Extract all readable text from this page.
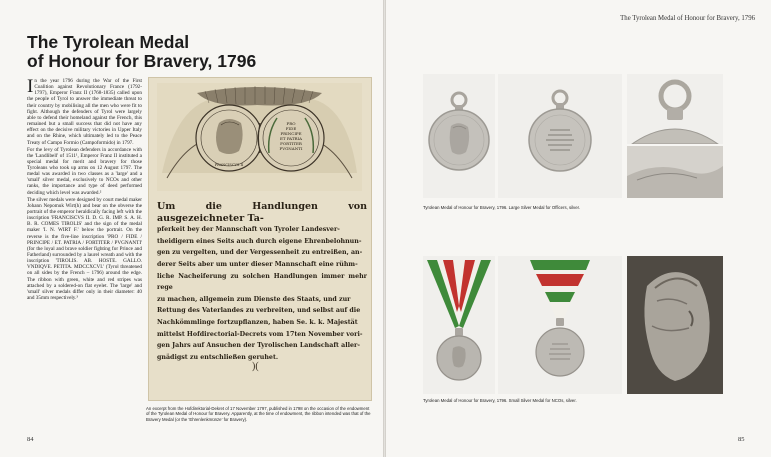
The Tyrolean Medal
of Honour for Bravery, 1796

In the year 1796 during the War of the First Coalition against Revolutionary France (1792-1797), Emperor Franz II (1768-1835) called upon the people of Tyrol to answer the immediate threat to their country by mobilising all the men who were fit to fight. Although the defenders of Tyrol were largely able to defend their homeland against the French, this remained but a small success that did not have any effect on the decisive military victories in Upper Italy and on the Rhine, which ultimately led to the Peace Treaty of Campo Formio (Campoformido) in 1797.

For the levy of Tyrolean defenders in accordance with the 'Landlibell' of 1511¹, Emperor Franz II instituted a special medal for merit and bravery for those Tyroleans who took up arms on 12 August 1797. The medal was awarded in two classes as a 'large' and a 'small' silver medal, exclusively to NCOs and other ranks, the importance and type of deed performed deciding which level was awarded.²

The silver medals were designed by court medal maker Johann Nepomuk Wirt(h) and bear on the obverse the portrait of the emperor heraldically facing left with the inscription 'FRANCISCVS II. D. G. R. IMP. S. A. H. B. R. COMES TIROLIS' and the sign of the medal maker 'I. N. WIRT F.' below the portrait. On the reverse is the five-line inscription 'PRO / FIDE / PRINCIPE / ET. PATRIA / FORTITER / PVGNANTI' (for the loyal and brave soldier fighting for Prince and Fatherland) surrounded by a laurel wreath and with the inscription 'TIROLIS. AB. HOSTE. GALLO. VNDIQVE. PETITA. MDCCXCVI.' (Tyrol threatened on all sides by the French – 1796) around the edge. The ribbon with green, white and red stripes was attached by a soldered-on flat eyelet. The 'large' and 'small' silver medals differ only in their diameter: 40 and 35mm respectively.³

PRO
FIDE
PRINCIPE
ET PATRIA
FORTITER
PVGNANTI
FRANCISCVS II
Um die Handlungen von ausgezeichneter Ta-
pferkeit bey der Mannschaft von Tyroler Landesver-
theidigern eines Seits auch durch eigene Ehrenbelohnun-
gen zu vergelten, und der Vergessenheit zu entreißen, an-
derer Seits aber um unter dieser Mannschaft eine rühm-
liche Nacheiferung zu solchen Handlungen immer mehr rege
zu machen, allgemein zum Dienste des Staats, und zur
Rettung des Vaterlandes zu verbreiten, und selbst auf die
Nachkömmlinge fortzupflanzen, haben Se. k. k. Majestät
mittelst Hofdirectorial-Decrets vom 17ten November vori-
gen Jahrs auf Ansuchen der Tyrolischen Landschaft aller-
gnädigst zu entschließen geruhet.
)(
An excerpt from the Hofdirektorial-Dekret of 17 November 1797, published in 1798 on the occasion of the endowment of the Tyrolean Medal of Honour for Bravery. Apparently, at the time of endowment, the ribbon intended was that of the Bravery Medal (or the 'Ehrenlenkmünze' for Bravery).
84
The Tyrolean Medal of Honour for Bravery, 1796
Tyrolean Medal of Honour for Bravery, 1796. Large Silver Medal for Officers, silver.
Tyrolean Medal of Honour for Bravery, 1796. Small Silver Medal for NCOs, silver.
85
